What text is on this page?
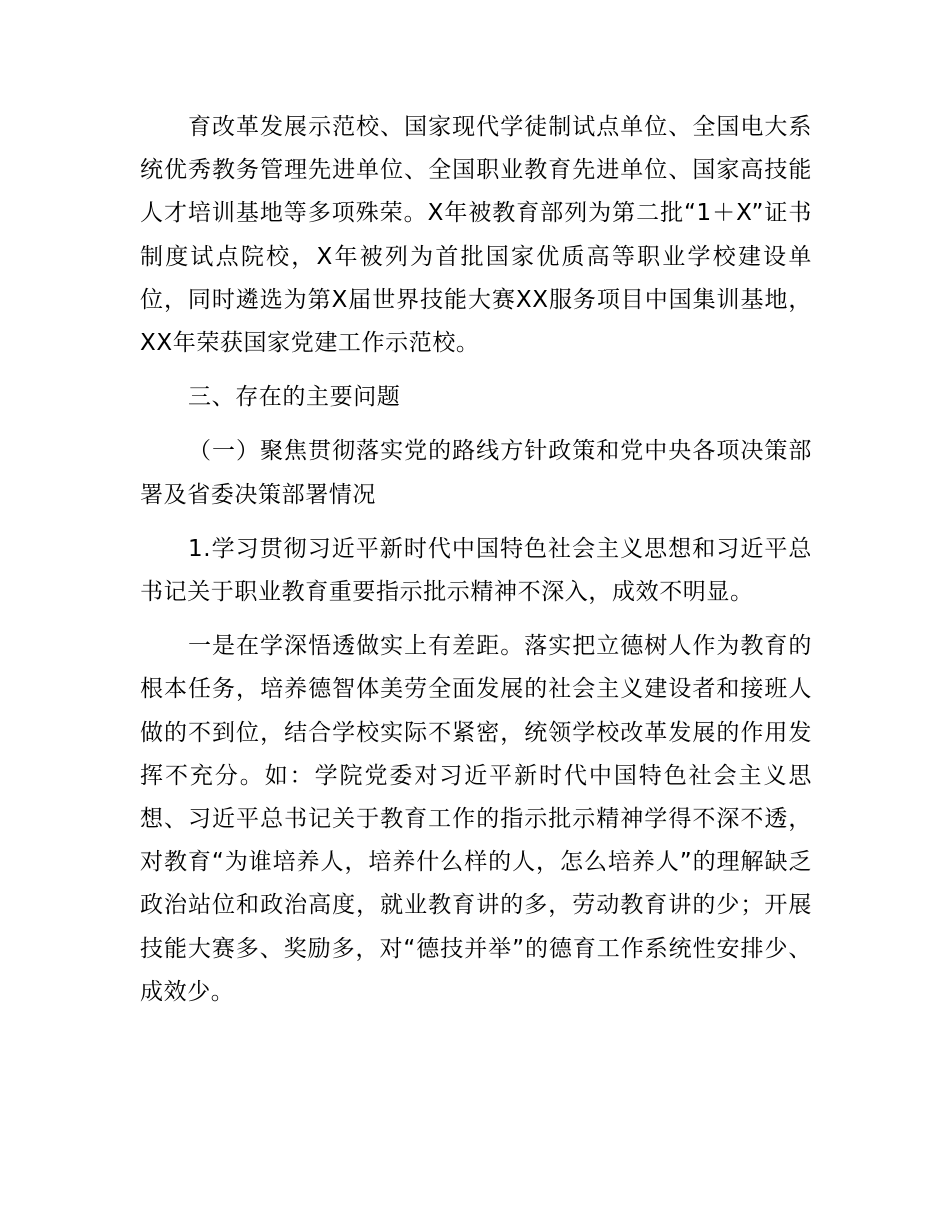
育改革发展示范校、国家现代学徒制试点单位、全国电大系统优秀教务管理先进单位、全国职业教育先进单位、国家高技能人才培训基地等多项殊荣。X年被教育部列为第二批“1＋X”证书制度试点院校，X年被列为首批国家优质高等职业学校建设单位，同时遴选为第X届世界技能大赛XX服务项目中国集训基地，XX年荣获国家党建工作示范校。

三、存在的主要问题

（一）聚焦贯彻落实党的路线方针政策和党中央各项决策部署及省委决策部署情况

1.学习贯彻习近平新时代中国特色社会主义思想和习近平总书记关于职业教育重要指示批示精神不深入，成效不明显。

一是在学深悟透做实上有差距。落实把立德树人作为教育的根本任务，培养德智体美劳全面发展的社会主义建设者和接班人做的不到位，结合学校实际不紧密，统领学校改革发展的作用发挥不充分。如：学院党委对习近平新时代中国特色社会主义思想、习近平总书记关于教育工作的指示批示精神学得不深不透，对教育“为谁培养人，培养什么样的人，怎么培养人”的理解缺乏政治站位和政治高度，就业教育讲的多，劳动教育讲的少；开展技能大赛多、奖励多，对“德技并举”的德育工作系统性安排少、成效少。
